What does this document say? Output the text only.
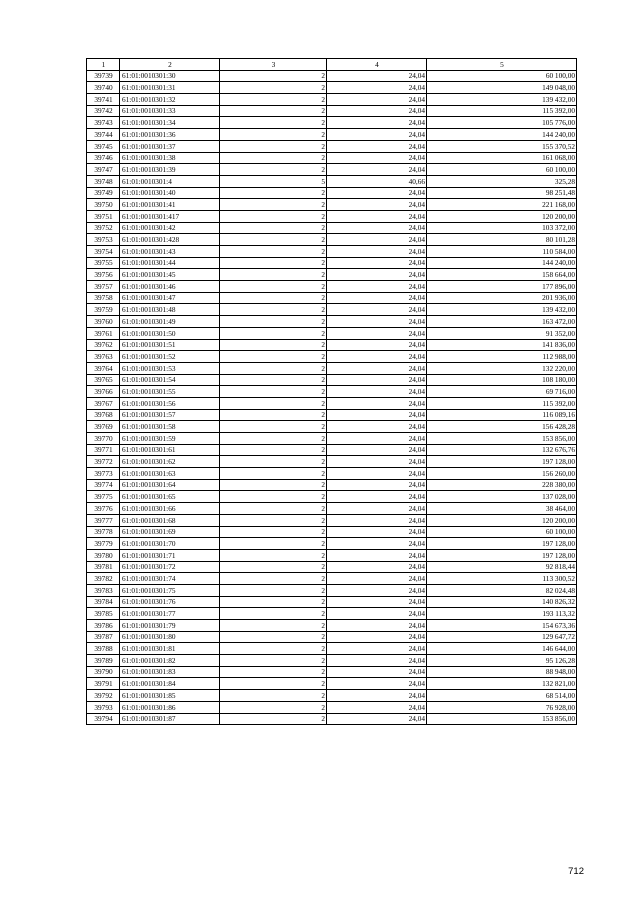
1	2	3	4	5
39739	61:01:0010301:30	2	24,04	60 100,00
39740	61:01:0010301:31	2	24,04	149 048,00
39741	61:01:0010301:32	2	24,04	139 432,00
39742	61:01:0010301:33	2	24,04	115 392,00
39743	61:01:0010301:34	2	24,04	105 776,00
39744	61:01:0010301:36	2	24,04	144 240,00
39745	61:01:0010301:37	2	24,04	155 370,52
39746	61:01:0010301:38	2	24,04	161 068,00
39747	61:01:0010301:39	2	24,04	60 100,00
39748	61:01:0010301:4	5	40,66	325,28
39749	61:01:0010301:40	2	24,04	98 251,48
39750	61:01:0010301:41	2	24,04	221 168,00
39751	61:01:0010301:417	2	24,04	120 200,00
39752	61:01:0010301:42	2	24,04	103 372,00
39753	61:01:0010301:428	2	24,04	80 101,28
39754	61:01:0010301:43	2	24,04	110 584,00
39755	61:01:0010301:44	2	24,04	144 240,00
39756	61:01:0010301:45	2	24,04	158 664,00
39757	61:01:0010301:46	2	24,04	177 896,00
39758	61:01:0010301:47	2	24,04	201 936,00
39759	61:01:0010301:48	2	24,04	139 432,00
39760	61:01:0010301:49	2	24,04	163 472,00
39761	61:01:0010301:50	2	24,04	91 352,00
39762	61:01:0010301:51	2	24,04	141 836,00
39763	61:01:0010301:52	2	24,04	112 988,00
39764	61:01:0010301:53	2	24,04	132 220,00
39765	61:01:0010301:54	2	24,04	108 180,00
39766	61:01:0010301:55	2	24,04	69 716,00
39767	61:01:0010301:56	2	24,04	115 392,00
39768	61:01:0010301:57	2	24,04	116 089,16
39769	61:01:0010301:58	2	24,04	156 428,28
39770	61:01:0010301:59	2	24,04	153 856,00
39771	61:01:0010301:61	2	24,04	132 676,76
39772	61:01:0010301:62	2	24,04	197 128,00
39773	61:01:0010301:63	2	24,04	156 260,00
39774	61:01:0010301:64	2	24,04	228 380,00
39775	61:01:0010301:65	2	24,04	137 028,00
39776	61:01:0010301:66	2	24,04	38 464,00
39777	61:01:0010301:68	2	24,04	120 200,00
39778	61:01:0010301:69	2	24,04	60 100,00
39779	61:01:0010301:70	2	24,04	197 128,00
39780	61:01:0010301:71	2	24,04	197 128,00
39781	61:01:0010301:72	2	24,04	92 818,44
39782	61:01:0010301:74	2	24,04	113 300,52
39783	61:01:0010301:75	2	24,04	82 024,48
39784	61:01:0010301:76	2	24,04	140 826,32
39785	61:01:0010301:77	2	24,04	193 113,32
39786	61:01:0010301:79	2	24,04	154 673,36
39787	61:01:0010301:80	2	24,04	129 647,72
39788	61:01:0010301:81	2	24,04	146 644,00
39789	61:01:0010301:82	2	24,04	95 126,28
39790	61:01:0010301:83	2	24,04	88 948,00
39791	61:01:0010301:84	2	24,04	132 821,00
39792	61:01:0010301:85	2	24,04	68 514,00
39793	61:01:0010301:86	2	24,04	76 928,00
39794	61:01:0010301:87	2	24,04	153 856,00
712
